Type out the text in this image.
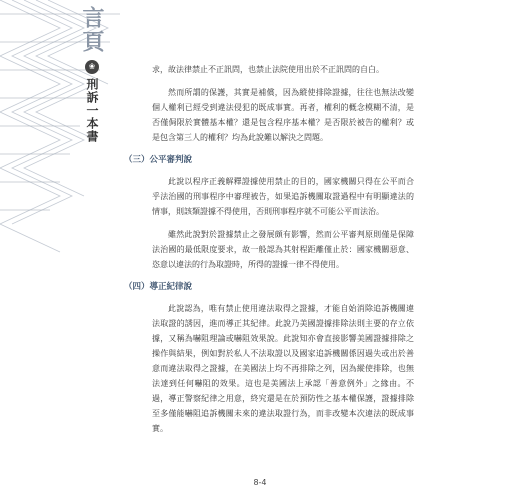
言頁
❀
刑訴一本書

求，故法律禁止不正訊問，也禁止法院使用出於不正訊問的自白。

然而所謂的保護，其實是補償，因為縱使排除證據，往往也無法改變個人權利已經受到違法侵犯的既成事實。再者，權利的概念模糊不清，是否僅侷限於實體基本權？還是包含程序基本權？是否限於被告的權利？或是包含第三人的權利？均為此說難以解決之問題。

（三）公平審判說

此說以程序正義解釋證據使用禁止的目的，國家機關只得在公平而合乎法治國的刑事程序中審理被告，如果追訴機關取證過程中有明顯違法的情事，則該類證據不得使用，否則刑事程序就不可能公平而法治。

雖然此說對於證據禁止之發展頗有影響，然而公平審判原則僅是保障法治國的最低限度要求，故一般認為其射程距離僅止於：國家機關惡意、恣意以違法的行為取證時，所得的證據一律不得使用。

（四）導正紀律說

此說認為，唯有禁止使用違法取得之證據，才能自始消除追訴機關違法取證的誘因，進而導正其紀律。此說乃美國證據排除法則主要的存立依據，又稱為嚇阻理論或嚇阻效果說。此說知亦會直接影響美國證據排除之操作與結果，例如對於私人不法取證以及國家追訴機關係因過失或出於善意而違法取得之證據，在美國法上均不再排除之列，因為縱使排除，也無法達到任何嚇阻的效果。這也是美國法上承認「善意例外」之緣由。不過，導正警察紀律之用意，終究還是在於預防性之基本權保護，證據排除至多僅能嚇阻追訴機關未來的違法取證行為，而非改變本次違法的既成事實。

8-4
